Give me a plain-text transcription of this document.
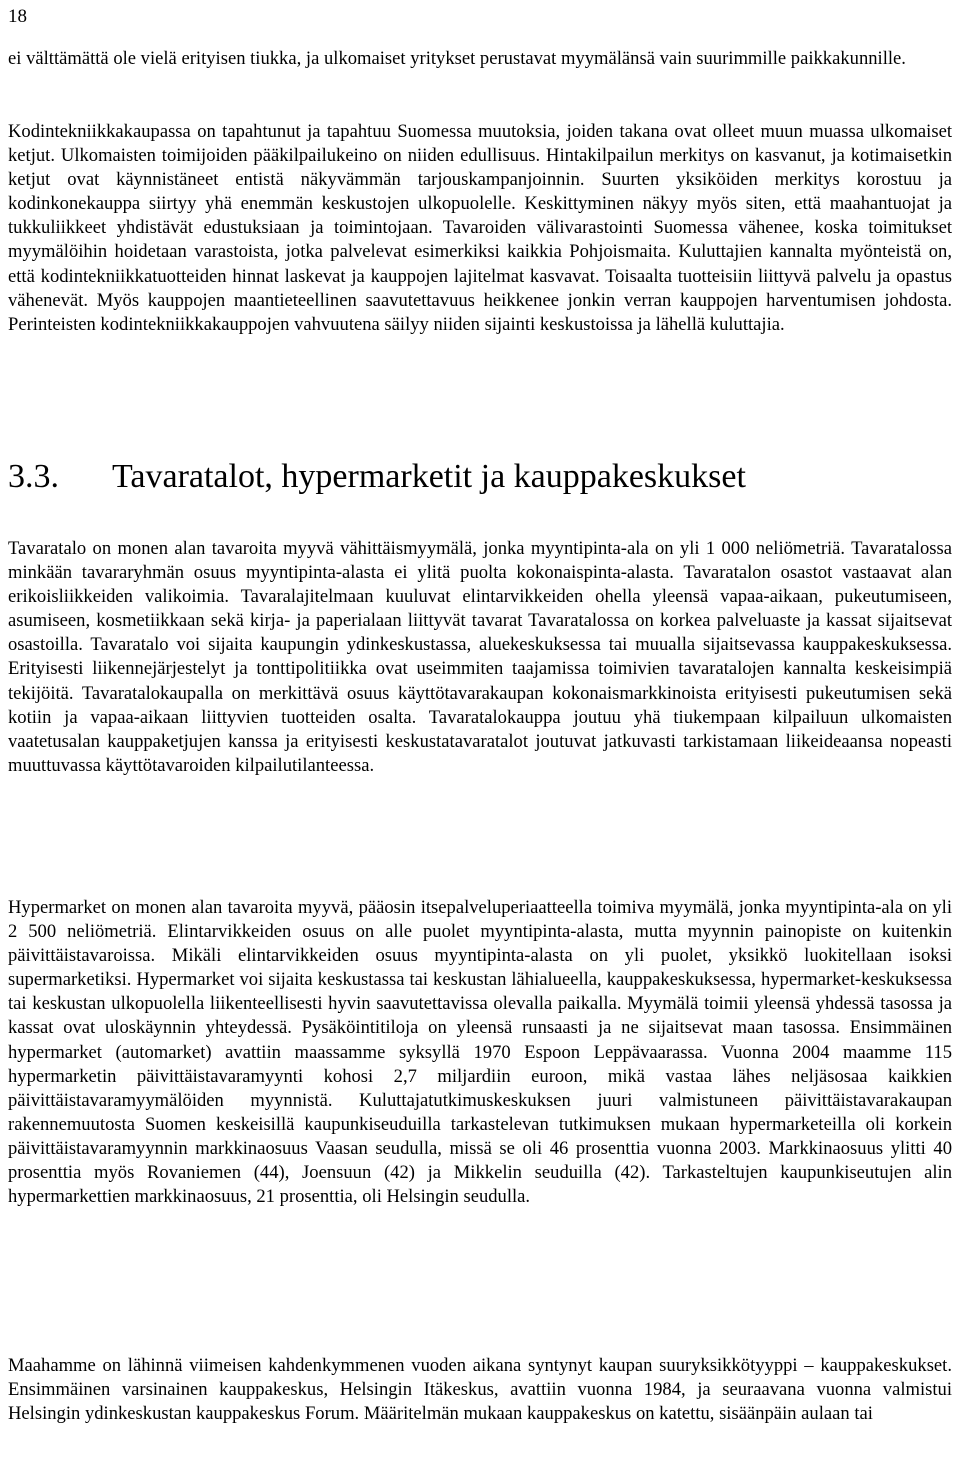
18

ei välttämättä ole vielä erityisen tiukka, ja ulkomaiset yritykset perustavat myymälänsä vain suurimmille paikkakunnille.

Kodintekniikkakaupassa on tapahtunut ja tapahtuu Suomessa muutoksia, joiden takana ovat olleet muun muassa ulkomaiset ketjut. Ulkomaisten toimijoiden pääkilpailukeino on niiden edullisuus. Hintakilpailun merkitys on kasvanut, ja kotimaisetkin ketjut ovat käynnistäneet entistä näkyvämmän tarjouskampanjoinnin. Suurten yksiköiden merkitys korostuu ja kodinkonekauppa siirtyy yhä enemmän keskustojen ulkopuolelle. Keskittyminen näkyy myös siten, että maahantuojat ja tukkuliikkeet yhdistävät edustuksiaan ja toimintojaan. Tavaroiden välivarastointi Suomessa vähenee, koska toimitukset myymälöihin hoidetaan varastoista, jotka palvelevat esimerkiksi kaikkia Pohjoismaita. Kuluttajien kannalta myönteistä on, että kodintekniikkatuotteiden hinnat laskevat ja kauppojen lajitelmat kasvavat. Toisaalta tuotteisiin liittyvä palvelu ja opastus vähenevät. Myös kauppojen maantieteellinen saavutettavuus heikkenee jonkin verran kauppojen harventumisen johdosta. Perinteisten kodintekniikkakauppojen vahvuutena säilyy niiden sijainti keskustoissa ja lähellä kuluttajia.

3.3. Tavaratalot, hypermarketit ja kauppakeskukset

Tavaratalo on monen alan tavaroita myyvä vähittäismyymälä, jonka myyntipinta-ala on yli 1 000 neliömetriä. Tavaratalossa minkään tavararyhmän osuus myyntipinta-alasta ei ylitä puolta kokonaispinta-alasta. Tavaratalon osastot vastaavat alan erikoisliikkeiden valikoimia. Tavaralajitelmaan kuuluvat elintarvikkeiden ohella yleensä vapaa-aikaan, pukeutumiseen, asumiseen, kosmetiikkaan sekä kirja- ja paperialaan liittyvät tavarat Tavaratalossa on korkea palveluaste ja kassat sijaitsevat osastoilla. Tavaratalo voi sijaita kaupungin ydinkeskustassa, aluekeskuksessa tai muualla sijaitsevassa kauppakeskuksessa. Erityisesti liikennejärjestelyt ja tonttipolitiikka ovat useimmiten taajamissa toimivien tavaratalojen kannalta keskeisimpiä tekijöitä. Tavaratalokaupalla on merkittävä osuus käyttötavarakaupan kokonaismarkkinoista erityisesti pukeutumisen sekä kotiin ja vapaa-aikaan liittyvien tuotteiden osalta. Tavaratalokauppa joutuu yhä tiukempaan kilpailuun ulkomaisten vaatetusalan kauppaketjujen kanssa ja erityisesti keskustatavaratalot joutuvat jatkuvasti tarkistamaan liikeideaansa nopeasti muuttuvassa käyttötavaroiden kilpailutilanteessa.

Hypermarket on monen alan tavaroita myyvä, pääosin itsepalveluperiaatteella toimiva myymälä, jonka myyntipinta-ala on yli 2 500 neliömetriä. Elintarvikkeiden osuus on alle puolet myyntipinta-alasta, mutta myynnin painopiste on kuitenkin päivittäistavaroissa. Mikäli elintarvikkeiden osuus myyntipinta-alasta on yli puolet, yksikkö luokitellaan isoksi supermarketiksi. Hypermarket voi sijaita keskustassa tai keskustan lähialueella, kauppakeskuksessa, hypermarket-keskuksessa tai keskustan ulkopuolella liikenteellisesti hyvin saavutettavissa olevalla paikalla. Myymälä toimii yleensä yhdessä tasossa ja kassat ovat uloskäynnin yhteydessä. Pysäköintitiloja on yleensä runsaasti ja ne sijaitsevat maan tasossa. Ensimmäinen hypermarket (automarket) avattiin maassamme syksyllä 1970 Espoon Leppävaarassa. Vuonna 2004 maamme 115 hypermarketin päivittäistavaramyynti kohosi 2,7 miljardiin euroon, mikä vastaa lähes neljäsosaa kaikkien päivittäistavaramyymälöiden myynnistä. Kuluttajatutkimuskeskuksen juuri valmistuneen päivittäistavarakaupan rakennemuutosta Suomen keskeisillä kaupunkiseuduilla tarkastelevan tutkimuksen mukaan hypermarketeilla oli korkein päivittäistavaramyynnin markkinaosuus Vaasan seudulla, missä se oli 46 prosenttia vuonna 2003. Markkinaosuus ylitti 40 prosenttia myös Rovaniemen (44), Joensuun (42) ja Mikkelin seuduilla (42). Tarkasteltujen kaupunkiseutujen alin hypermarkettien markkinaosuus, 21 prosenttia, oli Helsingin seudulla.

Maahamme on lähinnä viimeisen kahdenkymmenen vuoden aikana syntynyt kaupan suuryksikkötyyppi – kauppakeskukset. Ensimmäinen varsinainen kauppakeskus, Helsingin Itäkeskus, avattiin vuonna 1984, ja seuraavana vuonna valmistui Helsingin ydinkeskustan kauppakeskus Forum. Määritelmän mukaan kauppakeskus on katettu, sisäänpäin aulaan tai
